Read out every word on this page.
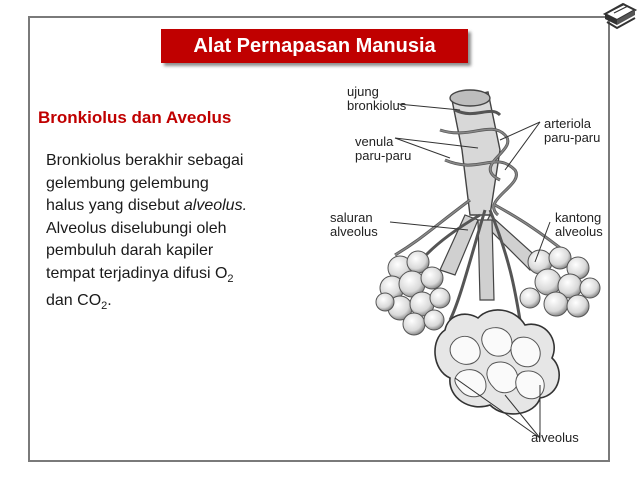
Alat Pernapasan Manusia
Bronkiolus dan Aveolus
Bronkiolus berakhir sebagai
gelembung gelembung
halus yang disebut alveolus.
Alveolus diselubungi oleh
pembuluh darah kapiler
tempat terjadinya difusi $O_2$
dan $CO_2$.
ujung
bronkiolus
venula
paru-paru
arteriola
paru-paru
saluran
alveolus
kantong
alveolus
alveolus
